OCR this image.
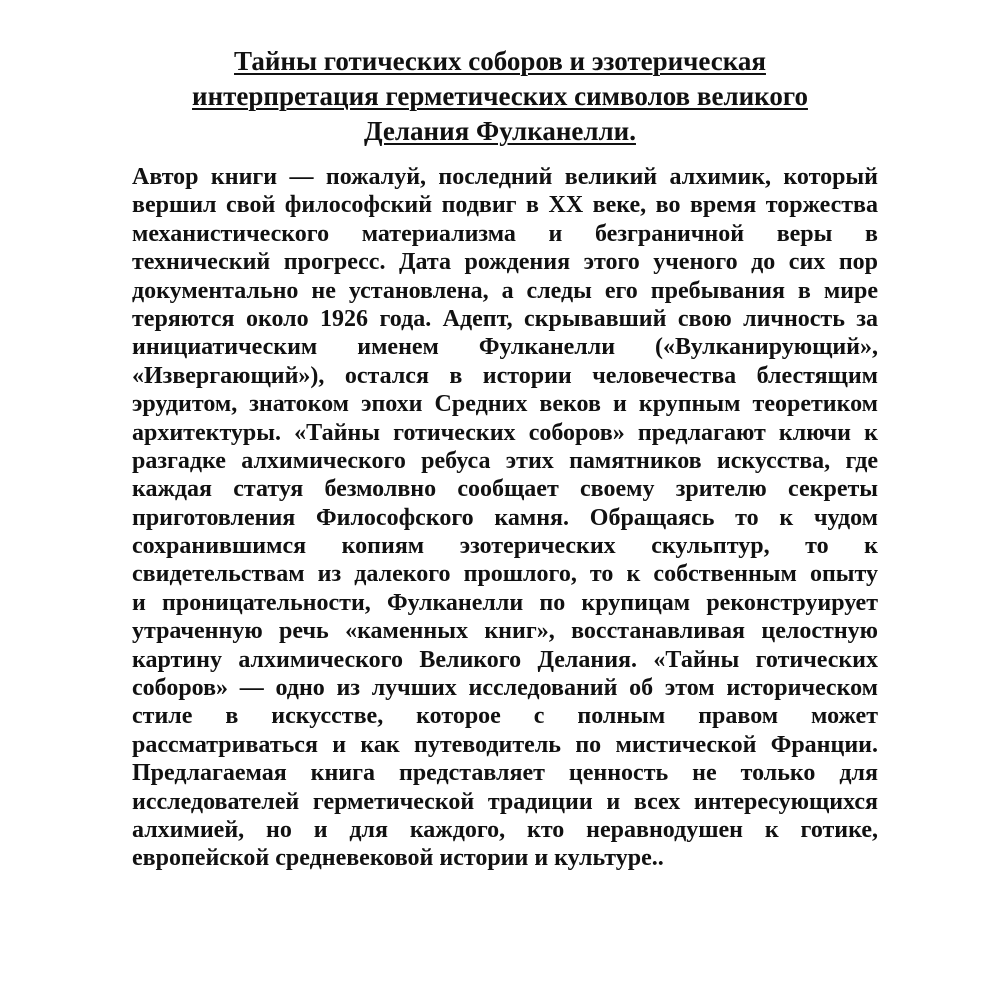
Тайны готических соборов и эзотерическая
интерпретация герметических символов великого
Делания Фулканелли.
Автор книги — пожалуй, последний великий алхимик, который
вершил свой философский подвиг в XX веке, во время торжества
механистического материализма и безграничной веры в
технический прогресс. Дата рождения этого ученого до сих пор
документально не установлена, а следы его пребывания в мире
теряются около 1926 года. Адепт, скрывавший свою личность за
инициатическим именем Фулканелли («Вулканирующий»,
«Извергающий»), остался в истории человечества блестящим
эрудитом, знатоком эпохи Средних веков и крупным теоретиком
архитектуры. «Тайны готических соборов» предлагают ключи к
разгадке алхимического ребуса этих памятников искусства, где
каждая статуя безмолвно сообщает своему зрителю секреты
приготовления Философского камня. Обращаясь то к чудом
сохранившимся копиям эзотерических скульптур, то к
свидетельствам из далекого прошлого, то к собственным опыту
и проницательности, Фулканелли по крупицам реконструирует
утраченную речь «каменных книг», восстанавливая целостную
картину алхимического Великого Делания. «Тайны готических
соборов» — одно из лучших исследований об этом историческом
стиле в искусстве, которое с полным правом может
рассматриваться и как путеводитель по мистической Франции.
Предлагаемая книга представляет ценность не только для
исследователей герметической традиции и всех интересующихся
алхимией, но и для каждого, кто неравнодушен к готике,
европейской средневековой истории и культуре..
